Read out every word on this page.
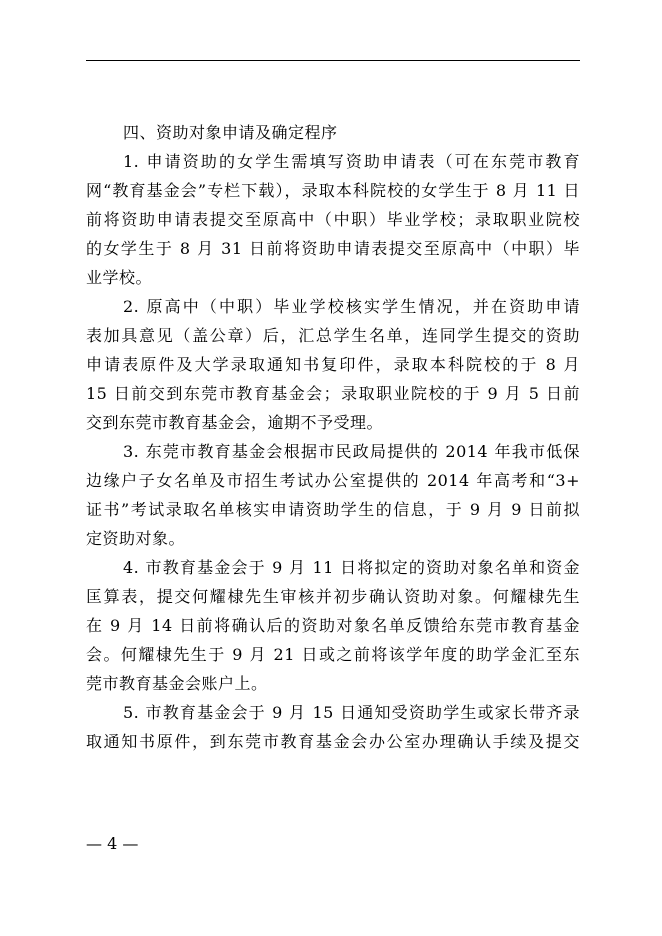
四、资助对象申请及确定程序
1. 申请资助的女学生需填写资助申请表（可在东莞市教育
网“教育基金会”专栏下载），录取本科院校的女学生于 8 月 11 日
前将资助申请表提交至原高中（中职）毕业学校；录取职业院校
的女学生于 8 月 31 日前将资助申请表提交至原高中（中职）毕
业学校。
2. 原高中（中职）毕业学校核实学生情况，并在资助申请
表加具意见（盖公章）后，汇总学生名单，连同学生提交的资助
申请表原件及大学录取通知书复印件，录取本科院校的于 8 月
15 日前交到东莞市教育基金会；录取职业院校的于 9 月 5 日前
交到东莞市教育基金会，逾期不予受理。
3. 东莞市教育基金会根据市民政局提供的 2014 年我市低保
边缘户子女名单及市招生考试办公室提供的 2014 年高考和“3+
证书”考试录取名单核实申请资助学生的信息，于 9 月 9 日前拟
定资助对象。
4. 市教育基金会于 9 月 11 日将拟定的资助对象名单和资金
匡算表，提交何耀棣先生审核并初步确认资助对象。何耀棣先生
在 9 月 14 日前将确认后的资助对象名单反馈给东莞市教育基金
会。何耀棣先生于 9 月 21 日或之前将该学年度的助学金汇至东
莞市教育基金会账户上。
5. 市教育基金会于 9 月 15 日通知受资助学生或家长带齐录
取通知书原件，到东莞市教育基金会办公室办理确认手续及提交
— 4 —
